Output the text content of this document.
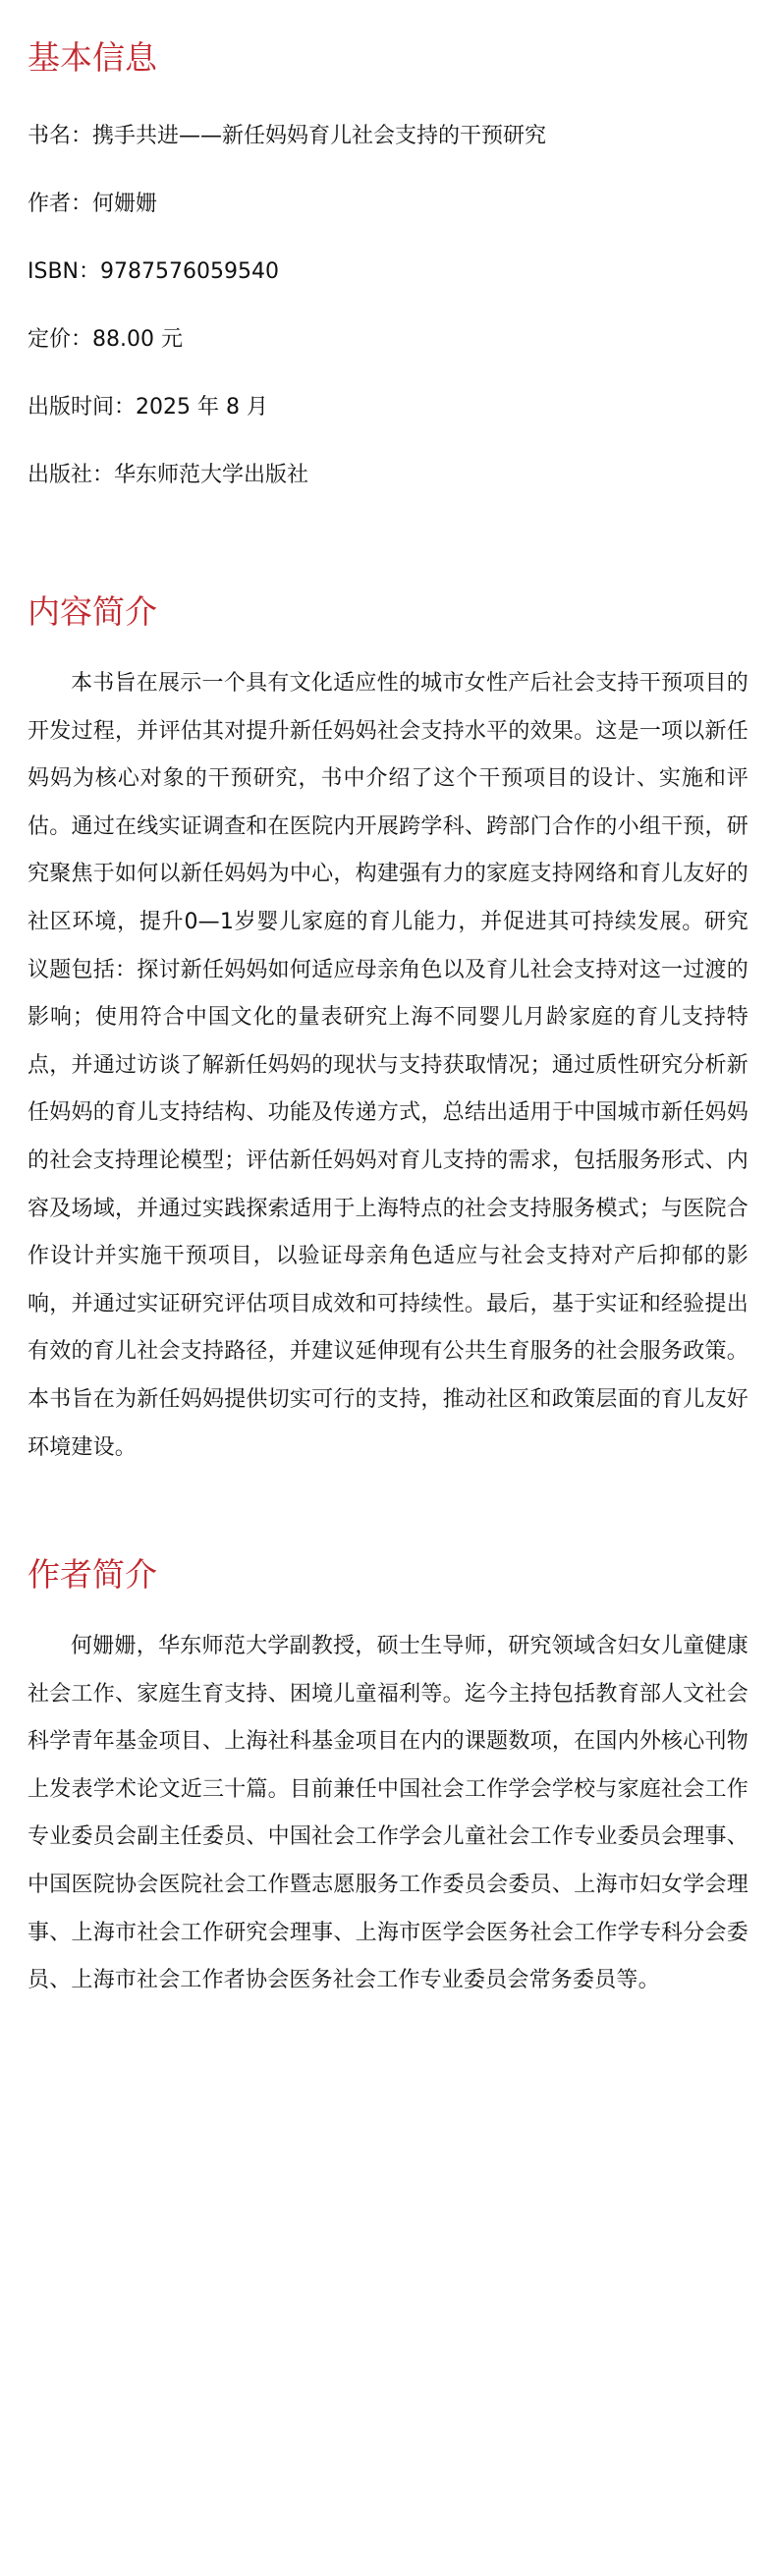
基本信息
书名： 携手共进——新任妈妈育儿社会支持的干预研究
作者： 何姗姗
ISBN： 9787576059540
定价： 88.00 元
出版时间： 2025 年 8 月
出版社： 华东师范大学出版社
内容简介

本书旨在展示一个具有文化适应性的城市女性产后社会支持干预项目的开发过程，并评估其对提升新任妈妈社会支持水平的效果。这是一项以新任妈妈为核心对象的干预研究，书中介绍了这个干预项目的设计、实施和评估。通过在线实证调查和在医院内开展跨学科、跨部门合作的小组干预，研究聚焦于如何以新任妈妈为中心，构建强有力的家庭支持网络和育儿友好的社区环境，提升0—1岁婴儿家庭的育儿能力，并促进其可持续发展。研究议题包括：探讨新任妈妈如何适应母亲角色以及育儿社会支持对这一过渡的影响；使用符合中国文化的量表研究上海不同婴儿月龄家庭的育儿支持特点，并通过访谈了解新任妈妈的现状与支持获取情况；通过质性研究分析新任妈妈的育儿支持结构、功能及传递方式，总结出适用于中国城市新任妈妈的社会支持理论模型；评估新任妈妈对育儿支持的需求，包括服务形式、内容及场域，并通过实践探索适用于上海特点的社会支持服务模式；与医院合作设计并实施干预项目，以验证母亲角色适应与社会支持对产后抑郁的影响，并通过实证研究评估项目成效和可持续性。最后，基于实证和经验提出有效的育儿社会支持路径，并建议延伸现有公共生育服务的社会服务政策。本书旨在为新任妈妈提供切实可行的支持，推动社区和政策层面的育儿友好环境建设。

作者简介

何姗姗，华东师范大学副教授，硕士生导师，研究领域含妇女儿童健康社会工作、家庭生育支持、困境儿童福利等。迄今主持包括教育部人文社会科学青年基金项目、上海社科基金项目在内的课题数项，在国内外核心刊物上发表学术论文近三十篇。目前兼任中国社会工作学会学校与家庭社会工作专业委员会副主任委员、中国社会工作学会儿童社会工作专业委员会理事、中国医院协会医院社会工作暨志愿服务工作委员会委员、上海市妇女学会理事、上海市社会工作研究会理事、上海市医学会医务社会工作学专科分会委员、上海市社会工作者协会医务社会工作专业委员会常务委员等。
